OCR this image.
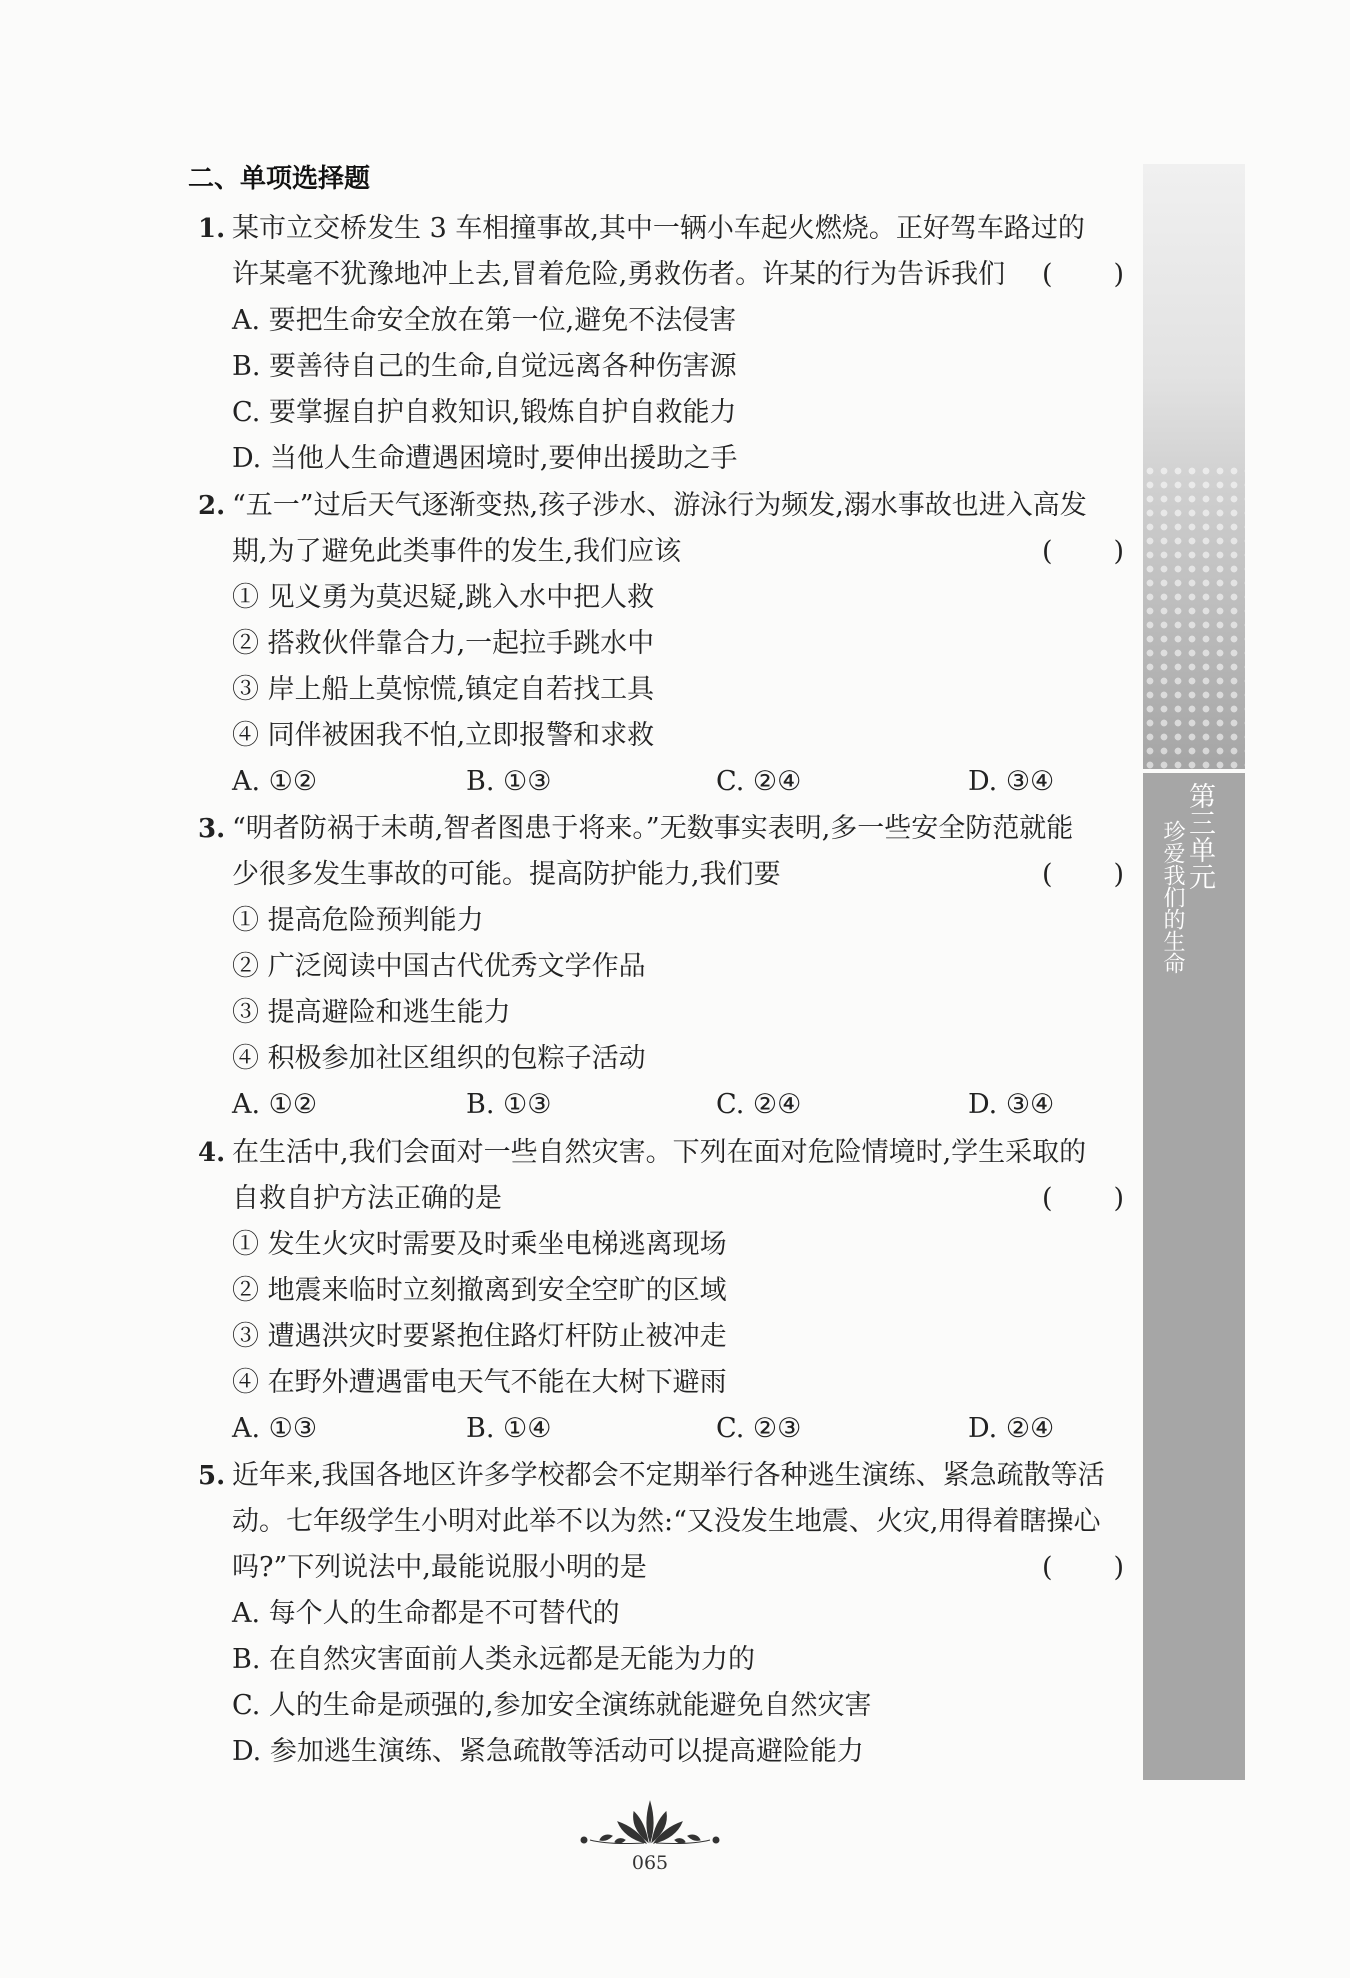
二、单项选择题
1. 某市立交桥发生 3 车相撞事故,其中一辆小车起火燃烧。正好驾车路过的
许某毫不犹豫地冲上去,冒着危险,勇救伤者。许某的行为告诉我们 ( )
A. 要把生命安全放在第一位,避免不法侵害
B. 要善待自己的生命,自觉远离各种伤害源
C. 要掌握自护自救知识,锻炼自护自救能力
D. 当他人生命遭遇困境时,要伸出援助之手
2. “五一”过后天气逐渐变热,孩子涉水、游泳行为频发,溺水事故也进入高发
期,为了避免此类事件的发生,我们应该	( )
① 见义勇为莫迟疑,跳入水中把人救
② 搭救伙伴靠合力,一起拉手跳水中
③ 岸上船上莫惊慌,镇定自若找工具
④ 同伴被困我不怕,立即报警和求救
A. ①②	B. ①③	C. ②④	D. ③④
3. “明者防祸于未萌,智者图患于将来。”无数事实表明,多一些安全防范就能
少很多发生事故的可能。提高防护能力,我们要	( )
① 提高危险预判能力
② 广泛阅读中国古代优秀文学作品
③ 提高避险和逃生能力
④ 积极参加社区组织的包粽子活动
A. ①②	B. ①③	C. ②④	D. ③④
4. 在生活中,我们会面对一些自然灾害。下列在面对危险情境时,学生采取的
自救自护方法正确的是	( )
① 发生火灾时需要及时乘坐电梯逃离现场
② 地震来临时立刻撤离到安全空旷的区域
③ 遭遇洪灾时要紧抱住路灯杆防止被冲走
④ 在野外遭遇雷电天气不能在大树下避雨
A. ①③	B. ①④	C. ②③	D. ②④
5. 近年来,我国各地区许多学校都会不定期举行各种逃生演练、紧急疏散等活
动。七年级学生小明对此举不以为然:“又没发生地震、火灾,用得着瞎操心
吗?”下列说法中,最能说服小明的是	( )
A. 每个人的生命都是不可替代的
B. 在自然灾害面前人类永远都是无能为力的
C. 人的生命是顽强的,参加安全演练就能避免自然灾害
D. 参加逃生演练、紧急疏散等活动可以提高避险能力
第三单元
珍爱我们的生命
065
